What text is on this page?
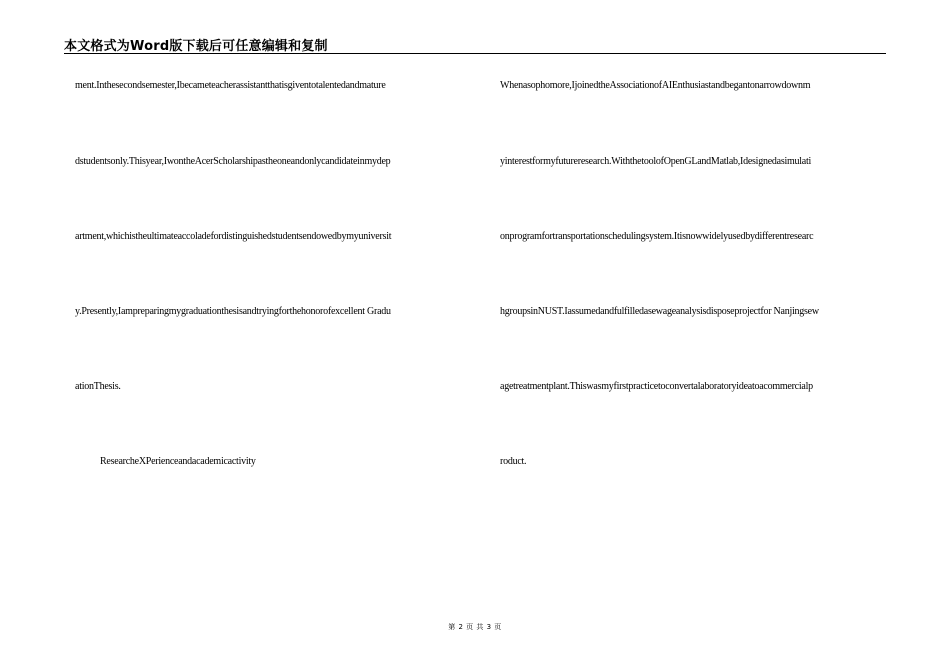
本文格式为Word版下载后可任意编辑和复制
ment.Inthesecondsemester,Ibecameteacherassistantthatisgiventotalentedandmature
dstudentsonly.Thisyear,IwontheAcerScholarshipastheoneandonlycandidateinmydep
artment,whichistheultimateaccoladefordistinguishedstudentsendowedbymyuniversit
y.Presently,Iampreparingmygraduationthesisandtryingforthehonorofexcellent Gradu
ationThesis.
ResearcheXPerienceandacademicactivity
Whenasophomore,IjoinedtheAssociationofAIEnthusiastandbegantonarrowdownm
yinterestformyfutureresearch.WiththetoolofOpenGLandMatlab,Idesignedasimulati
onprogramfortransportationschedulingsystem.Itisnowwidelyusedbydifferentresearc
hgroupsinNUST.Iassumedandfulfilledasewageanalysisdisposeprojectfor Nanjingsew
agetreatmentplant.Thiswasmyfirstpracticetoconvertalaboratoryideatoacommercialp
roduct.
第 2 页 共 3 页
